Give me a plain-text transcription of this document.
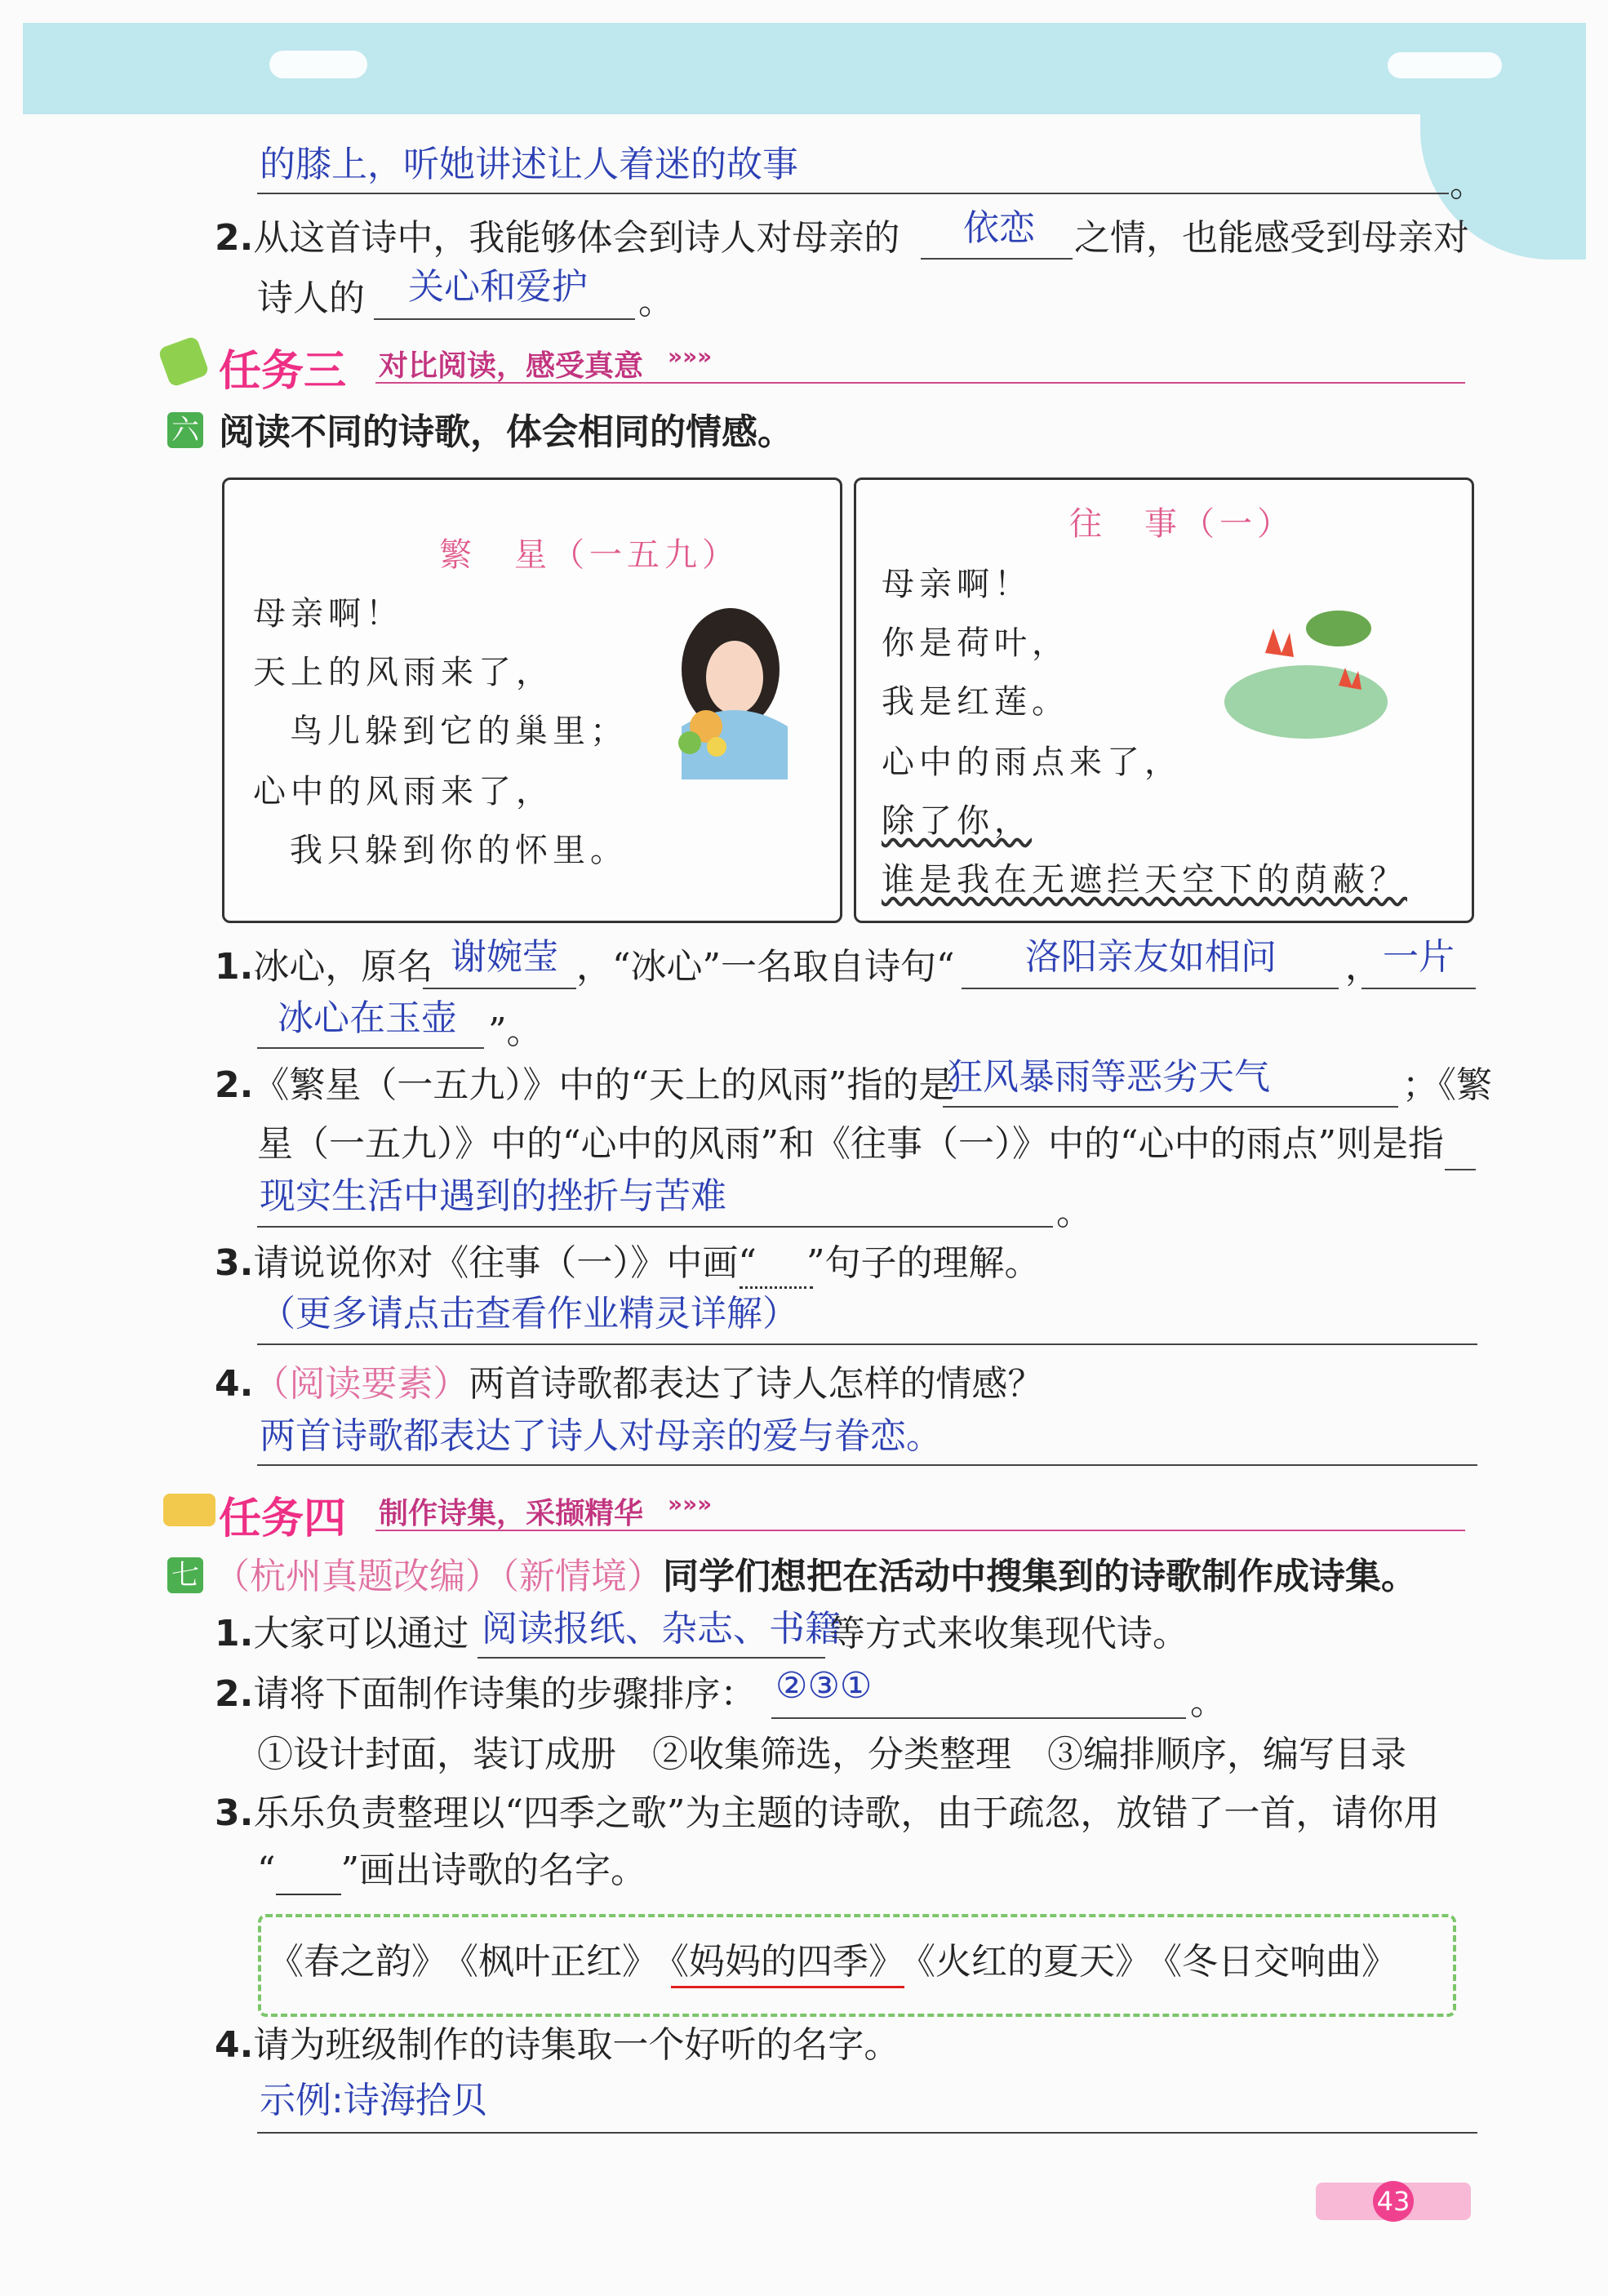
的膝上，听她讲述让人着迷的故事	。
2.从这首诗中，我能够体会到诗人对母亲的 依恋 之情，也能感受到母亲对
诗人的 关心和爱护 。
任务三 对比阅读，感受真意 »»»
六 阅读不同的诗歌，体会相同的情感。
繁　星（一五九）
母亲啊！
天上的风雨来了，
鸟儿躲到它的巢里；
心中的风雨来了，
我只躲到你的怀里。
往　事（一）
母亲啊！
你是荷叶，
我是红莲。
心中的雨点来了，
除了你，
谁是我在无遮拦天空下的荫蔽？
1.冰心，原名 谢婉莹 ，“冰心”一名取自诗句“ 洛阳亲友如相问 ， 一片
冰心在玉壶 ”。
2.《繁星（一五九）》中的“天上的风雨”指的是
狂风暴雨等恶劣天气	；《繁
星（一五九）》中的“心中的风雨”和《往事（一）》中的“心中的雨点”则是指
现实生活中遇到的挫折与苦难	。
3.请说说你对《往事（一）》中画“ ”句子的理解。
（更多请点击查看作业精灵详解）
4.（阅读要素）两首诗歌都表达了诗人怎样的情感？
两首诗歌都表达了诗人对母亲的爱与眷恋。
任务四 制作诗集，采撷精华 »»»
七 （杭州真题改编）（新情境）同学们想把在活动中搜集到的诗歌制作成诗集。
1.大家可以通过 阅读报纸、杂志、书籍
等方式来收集现代诗。
2.请将下面制作诗集的步骤排序： ②③①	。
①设计封面，装订成册　②收集筛选，分类整理　③编排顺序，编写目录
3.乐乐负责整理以“四季之歌”为主题的诗歌，由于疏忽，放错了一首，请你用
“ ”画出诗歌的名字。
《春之韵》 《枫叶正红》 《妈妈的四季》 《火红的夏天》 《冬日交响曲》
4.请为班级制作的诗集取一个好听的名字。
示例:诗海拾贝
43
